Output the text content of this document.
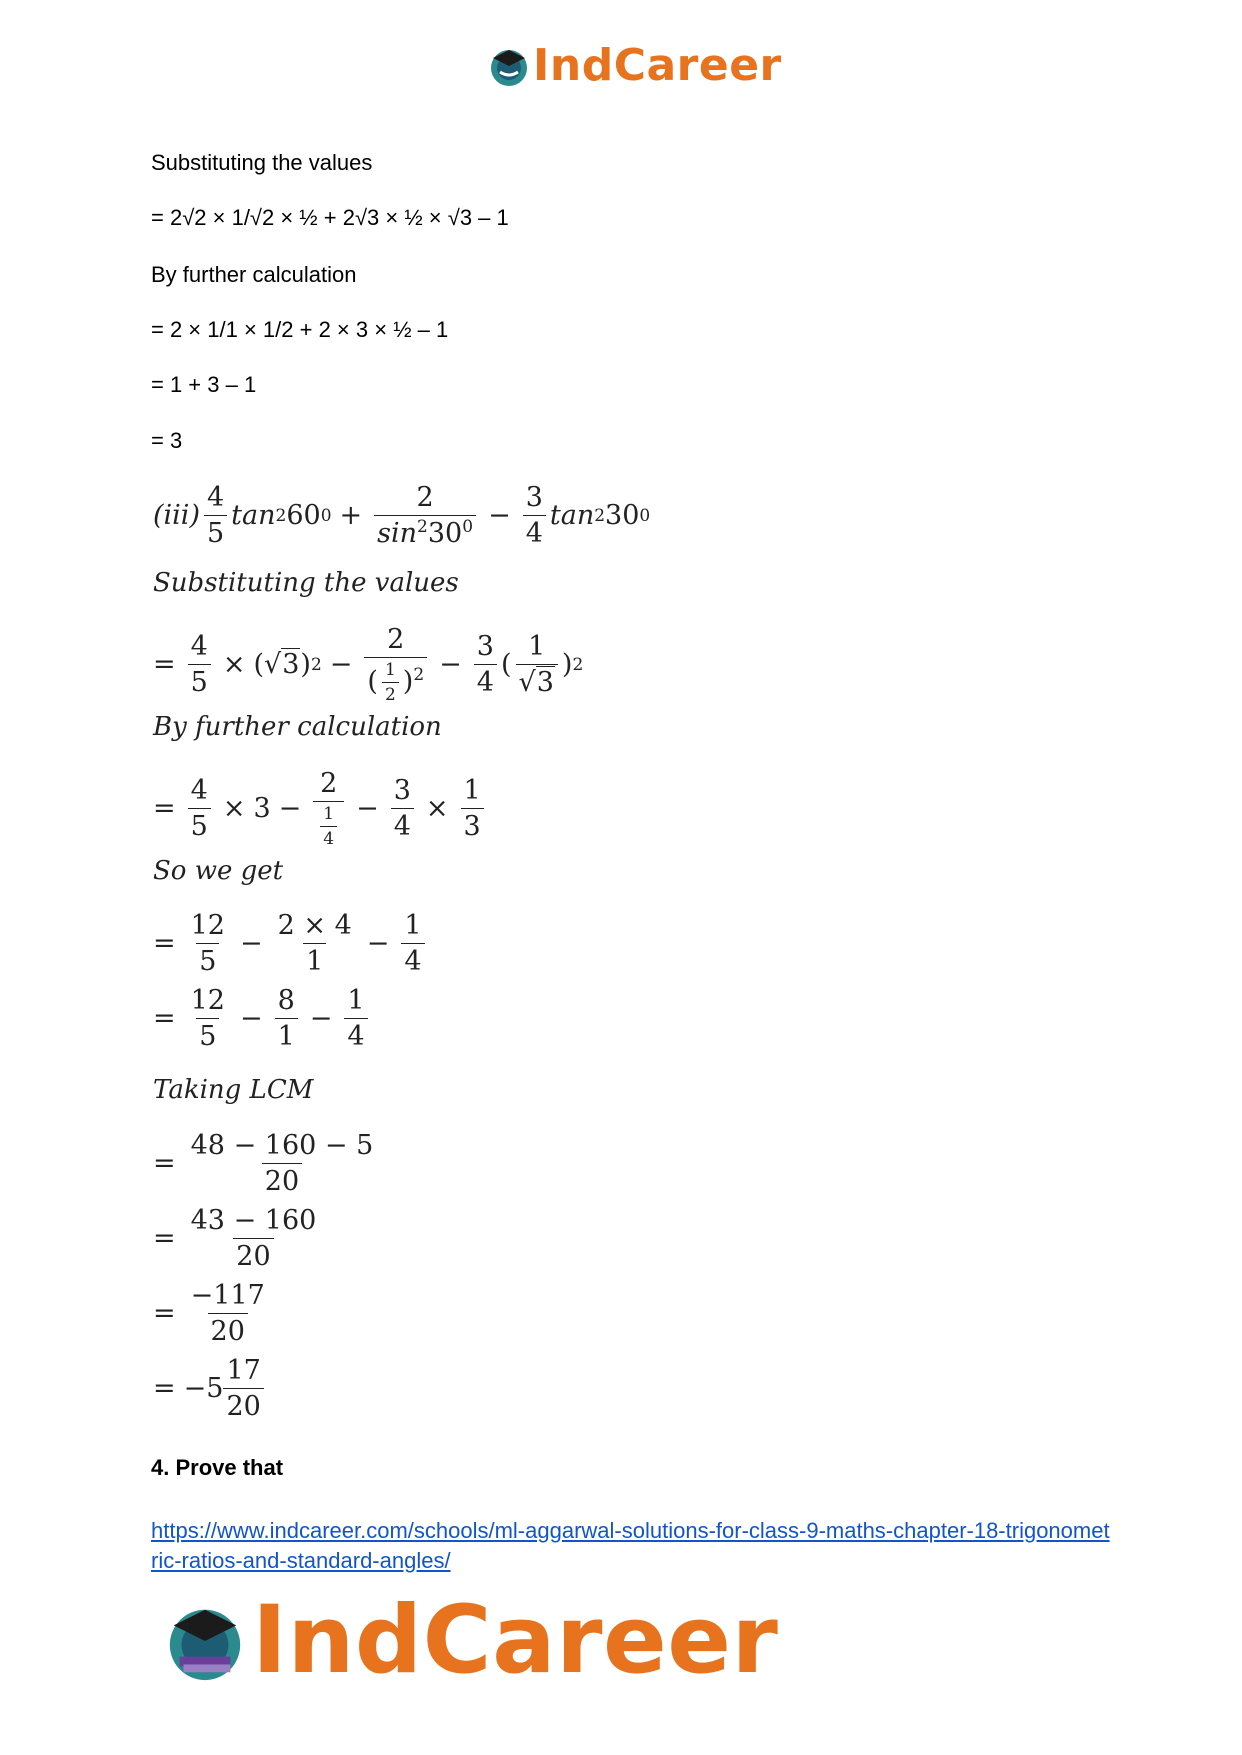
IndCareer
Substituting the values
= 2√2 × 1/√2 × ½ + 2√3 × ½ × √3 – 1
By further calculation
= 2 × 1/1 × 1/2 + 2 × 3 × ½ – 1
= 1 + 3 – 1
= 3
$(iii) \frac{4}{5}$ tan 2 60 $0 + \frac{2}{\sin^230^0} - \frac{3}{4}$ tan 2 30 0
Substituting the values
= $\frac{4}{5}$ × ( √3 ) $2 - \frac{2}{( \frac{1}{2} )^2} - \frac{3}{4}$ ( $\frac{1}{√3}$ ) 2
By further calculation
= $\frac{4}{5} \times 3 - \frac{2}{\frac{1}{4}} - \frac{3}{4} \times \frac{1}{3}$
So we get
= $\frac{12}{5} - \frac{2 \times 4}{1} - \frac{1}{4}$
= $\frac{12}{5} - \frac{8}{1} - \frac{1}{4}$
Taking LCM
= $\frac{48 - 160 - 5}{20}$
= $\frac{43 - 160}{20}$
= $\frac{-117}{20}$
= $-5 \frac{17}{20}$
4. Prove that
https://www.indcareer.com/schools/ml-aggarwal-solutions-for-class-9-maths-chapter-18-trigonometric-ratios-and-standard-angles/
IndCareer
